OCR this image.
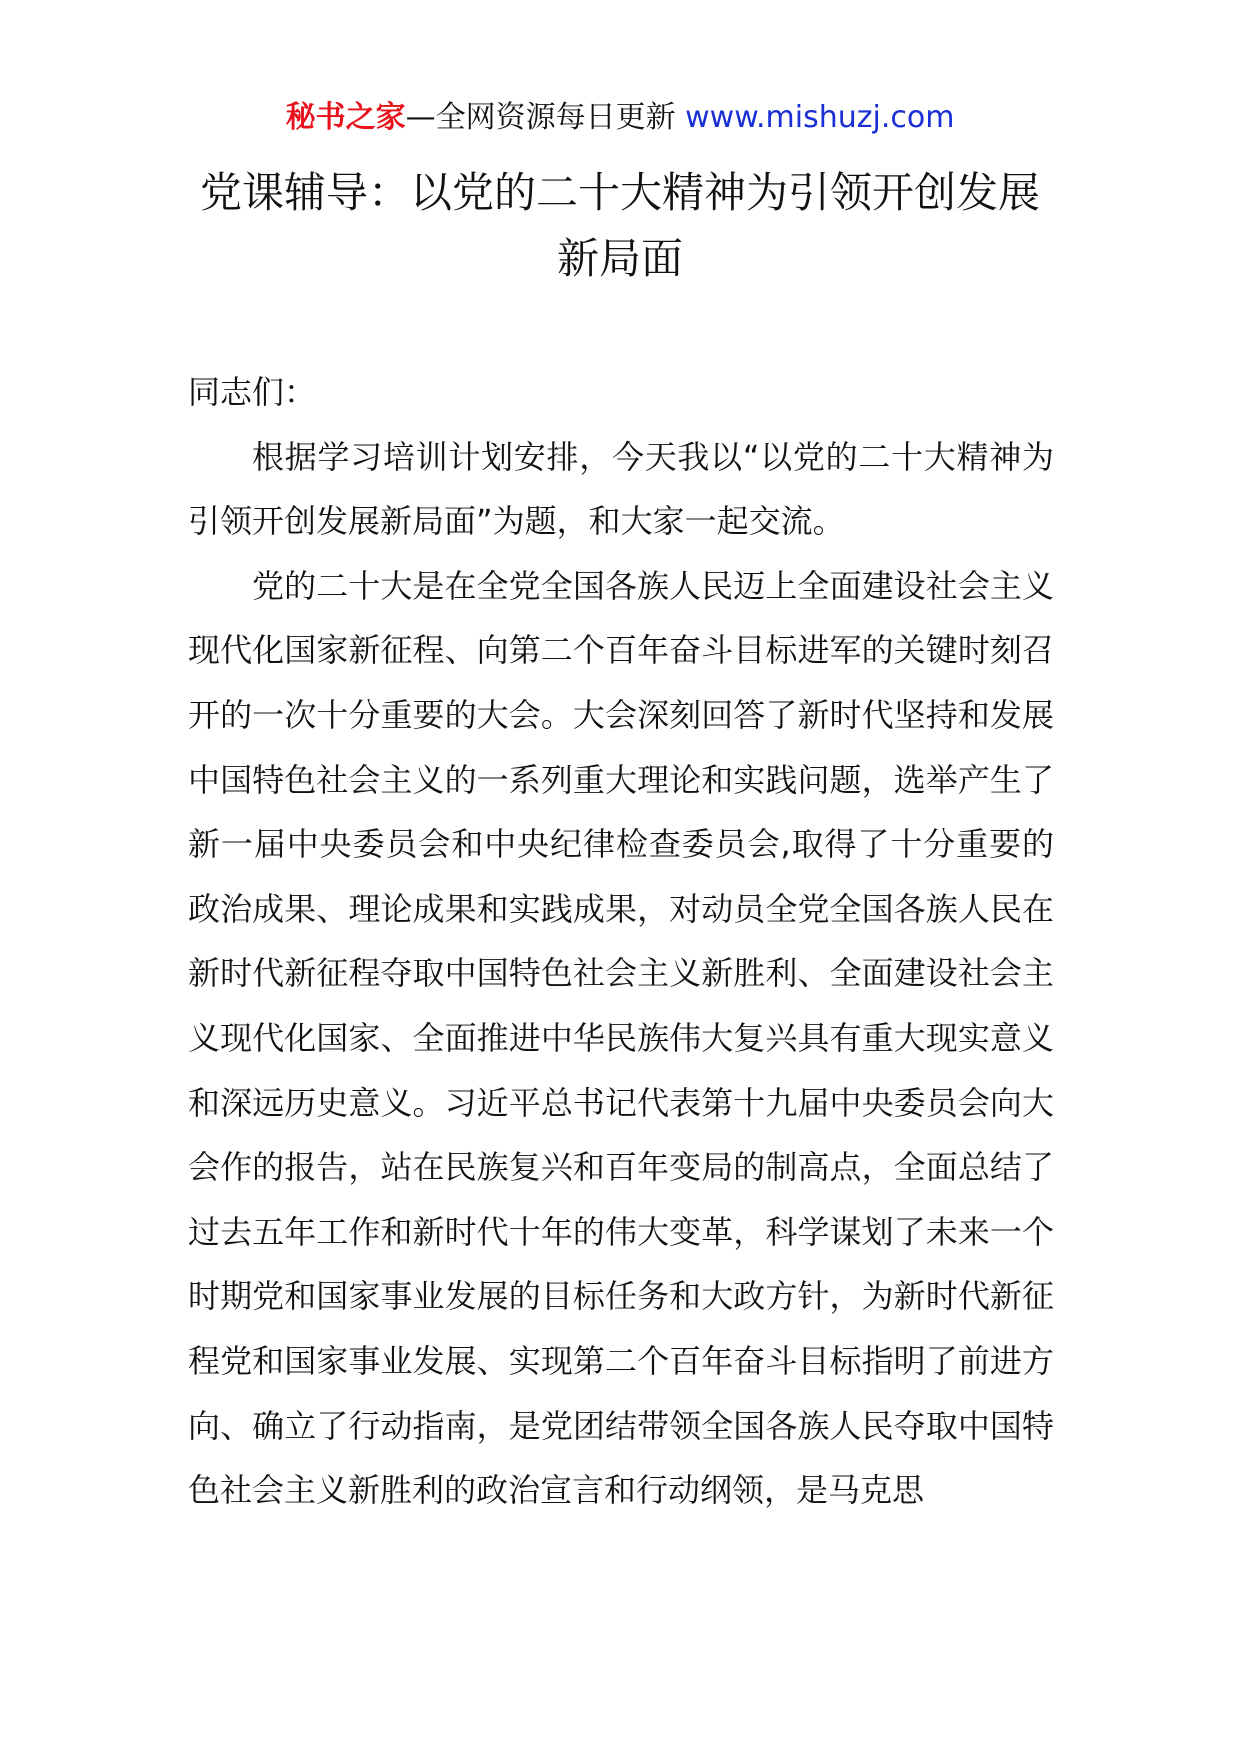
秘书之家—全网资源每日更新 www.mishuzj.com
党课辅导：以党的二十大精神为引领开创发展新局面

同志们：

根据学习培训计划安排，今天我以“以党的二十大精神为引领开创发展新局面”为题，和大家一起交流。

党的二十大是在全党全国各族人民迈上全面建设社会主义现代化国家新征程、向第二个百年奋斗目标进军的关键时刻召开的一次十分重要的大会。大会深刻回答了新时代坚持和发展中国特色社会主义的一系列重大理论和实践问题，选举产生了新一届中央委员会和中央纪律检查委员会,取得了十分重要的政治成果、理论成果和实践成果，对动员全党全国各族人民在新时代新征程夺取中国特色社会主义新胜利、全面建设社会主义现代化国家、全面推进中华民族伟大复兴具有重大现实意义和深远历史意义。习近平总书记代表第十九届中央委员会向大会作的报告，站在民族复兴和百年变局的制高点，全面总结了过去五年工作和新时代十年的伟大变革，科学谋划了未来一个时期党和国家事业发展的目标任务和大政方针，为新时代新征程党和国家事业发展、实现第二个百年奋斗目标指明了前进方向、确立了行动指南，是党团结带领全国各族人民夺取中国特色社会主义新胜利的政治宣言和行动纲领，是马克思
